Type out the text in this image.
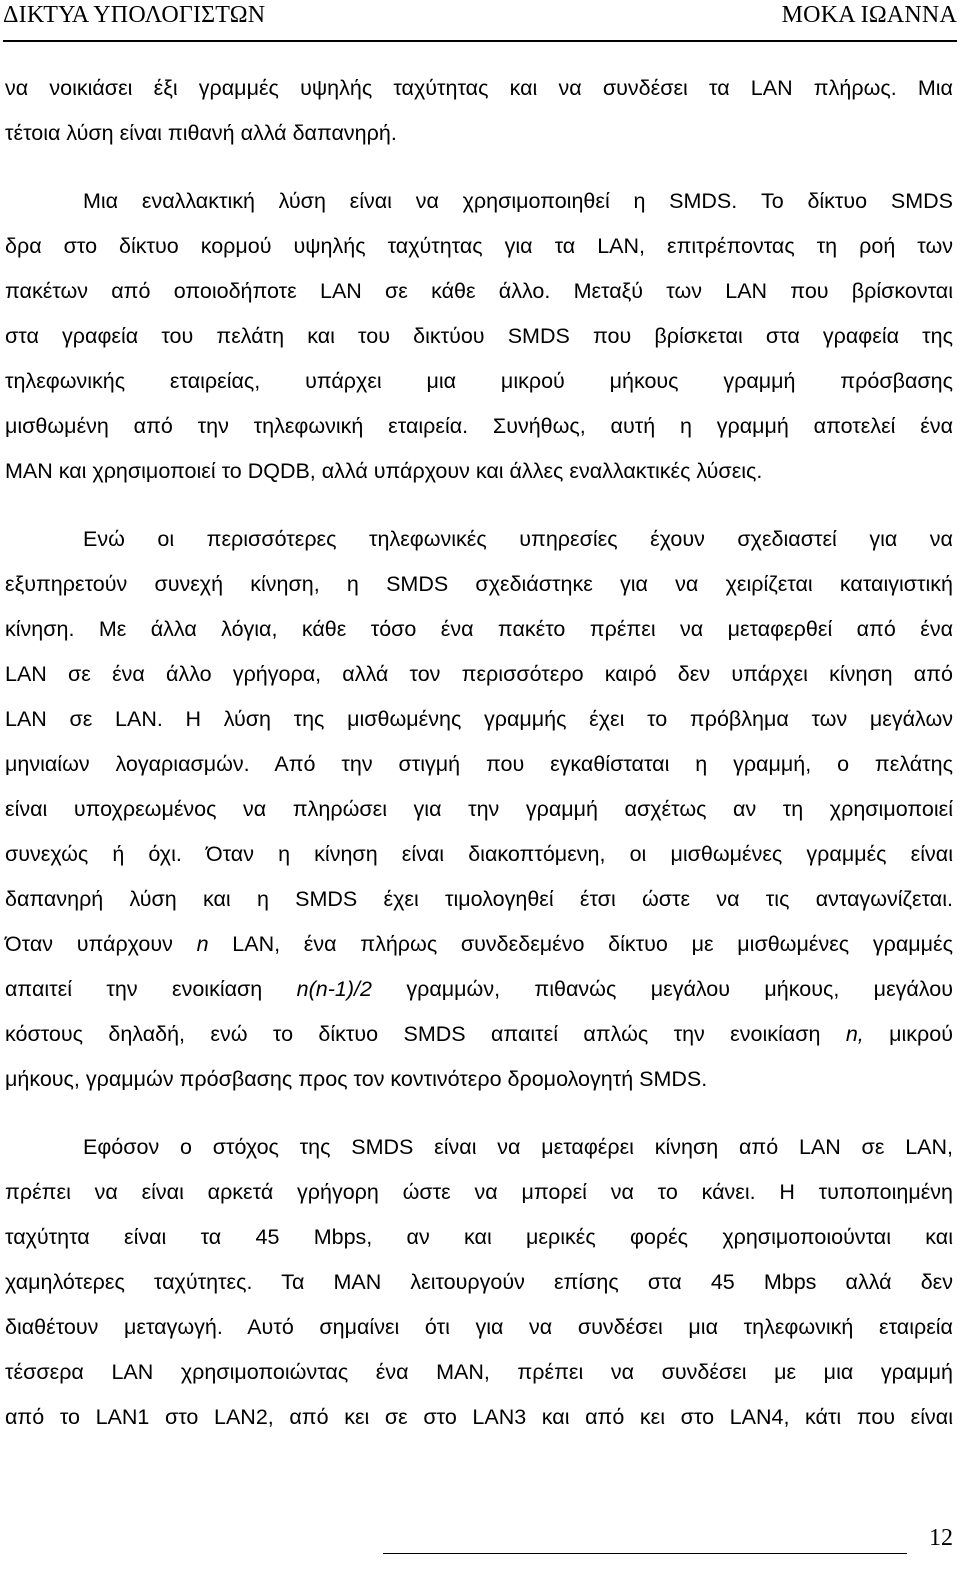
ΔΙΚΤΥΑ ΥΠΟΛΟΓΙΣΤΩΝ	ΜΟΚΑ ΙΩΑΝΝΑ
να νοικιάσει έξι γραμμές υψηλής ταχύτητας και να συνδέσει τα LAN πλήρως. Μια
τέτοια λύση είναι πιθανή αλλά δαπανηρή.
Μια εναλλακτική λύση είναι να χρησιμοποιηθεί η SMDS. Το δίκτυο SMDS
δρα στο δίκτυο κορμού υψηλής ταχύτητας για τα LAN, επιτρέποντας τη ροή των
πακέτων από οποιοδήποτε LAN σε κάθε άλλο. Μεταξύ των LAN που βρίσκονται
στα γραφεία του πελάτη και του δικτύου SMDS που βρίσκεται στα γραφεία της
τηλεφωνικής εταιρείας, υπάρχει μια μικρού μήκους γραμμή πρόσβασης
μισθωμένη από την τηλεφωνική εταιρεία. Συνήθως, αυτή η γραμμή αποτελεί ένα
MAN και χρησιμοποιεί το DQDB, αλλά υπάρχουν και άλλες εναλλακτικές λύσεις.
Ενώ οι περισσότερες τηλεφωνικές υπηρεσίες έχουν σχεδιαστεί για να
εξυπηρετούν συνεχή κίνηση, η SMDS σχεδιάστηκε για να χειρίζεται καταιγιστική
κίνηση. Με άλλα λόγια, κάθε τόσο ένα πακέτο πρέπει να μεταφερθεί από ένα
LAN σε ένα άλλο γρήγορα, αλλά τον περισσότερο καιρό δεν υπάρχει κίνηση από
LAN σε LAN. Η λύση της μισθωμένης γραμμής έχει το πρόβλημα των μεγάλων
μηνιαίων λογαριασμών. Από την στιγμή που εγκαθίσταται η γραμμή, ο πελάτης
είναι υποχρεωμένος να πληρώσει για την γραμμή ασχέτως αν τη χρησιμοποιεί
συνεχώς ή όχι. Όταν η κίνηση είναι διακοπτόμενη, οι μισθωμένες γραμμές είναι
δαπανηρή λύση και η SMDS έχει τιμολογηθεί έτσι ώστε να τις ανταγωνίζεται.
Όταν υπάρχουν n LAN, ένα πλήρως συνδεδεμένο δίκτυο με μισθωμένες γραμμές
απαιτεί την ενοικίαση n(n-1)/2 γραμμών, πιθανώς μεγάλου μήκους, μεγάλου
κόστους δηλαδή, ενώ το δίκτυο SMDS απαιτεί απλώς την ενοικίαση n, μικρού
μήκους, γραμμών πρόσβασης προς τον κοντινότερο δρομολογητή SMDS.
Εφόσον ο στόχος της SMDS είναι να μεταφέρει κίνηση από LAN σε LAN,
πρέπει να είναι αρκετά γρήγορη ώστε να μπορεί να το κάνει. Η τυποποιημένη
ταχύτητα είναι τα 45 Mbps, αν και μερικές φορές χρησιμοποιούνται και
χαμηλότερες ταχύτητες. Τα MAN λειτουργούν επίσης στα 45 Mbps αλλά δεν
διαθέτουν μεταγωγή. Αυτό σημαίνει ότι για να συνδέσει μια τηλεφωνική εταιρεία
τέσσερα LAN χρησιμοποιώντας ένα MAN, πρέπει να συνδέσει με μια γραμμή
από το LAN1 στο LAN2, από κει σε στο LAN3 και από κει στο LAN4, κάτι που είναι
12
